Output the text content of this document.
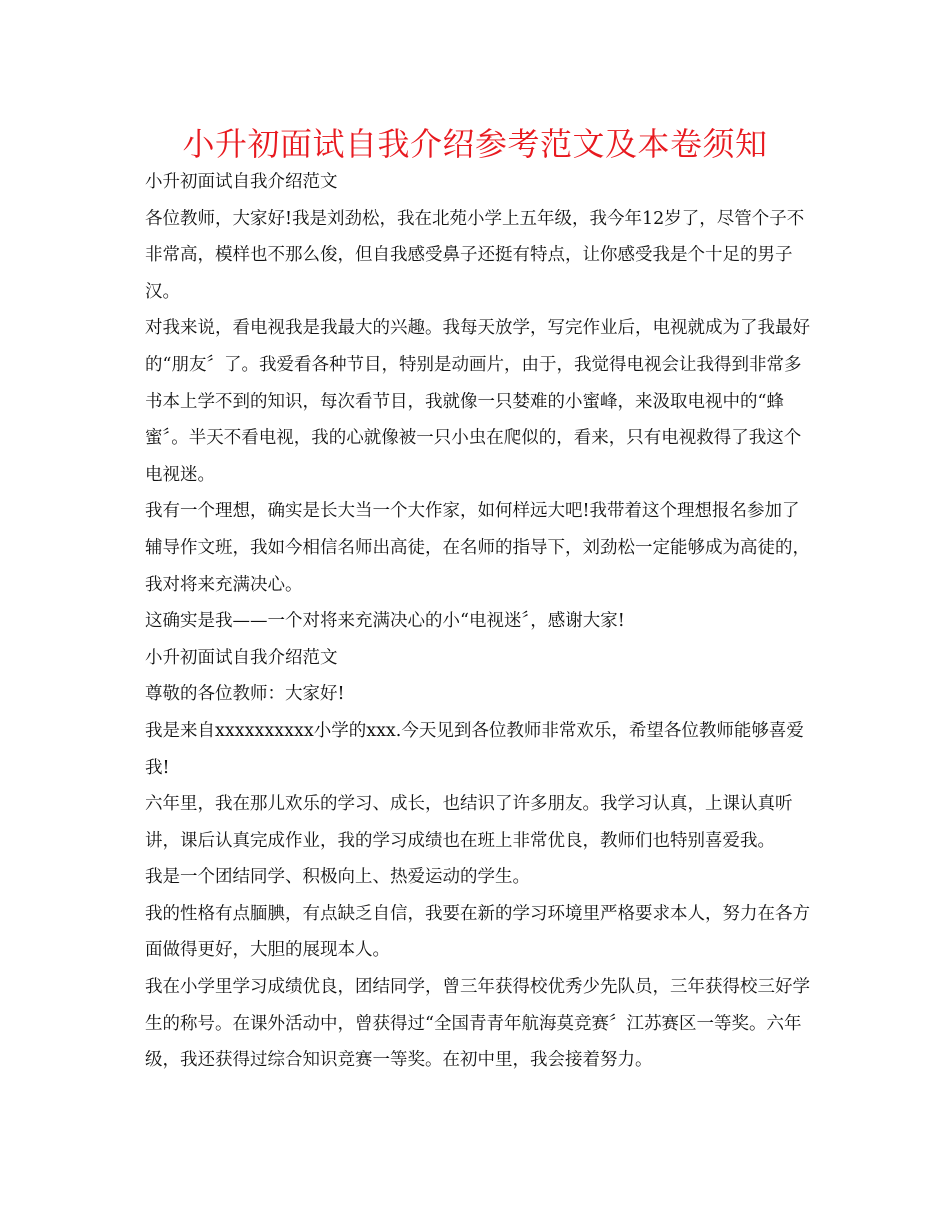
小升初面试自我介绍参考范文及本卷须知

小升初面试自我介绍范文

各位教师，大家好!我是刘劲松，我在北苑小学上五年级，我今年12岁了，尽管个子不非常高，模样也不那么俊，但自我感受鼻子还挺有特点，让你感受我是个十足的男子汉。

对我来说，看电视我是我最大的兴趣。我每天放学，写完作业后，电视就成为了我最好的“朋友〞了。我爱看各种节目，特别是动画片，由于，我觉得电视会让我得到非常多书本上学不到的知识，每次看节目，我就像一只婪难的小蜜峰，来汲取电视中的“蜂蜜〞。半天不看电视，我的心就像被一只小虫在爬似的，看来，只有电视救得了我这个电视迷。

我有一个理想，确实是长大当一个大作家，如何样远大吧!我带着这个理想报名参加了辅导作文班，我如今相信名师出高徒，在名师的指导下，刘劲松一定能够成为高徒的，我对将来充满决心。

这确实是我——一个对将来充满决心的小“电视迷〞，感谢大家!

小升初面试自我介绍范文

尊敬的各位教师：大家好!

我是来自xxxxxxxxxx小学的xxx.今天见到各位教师非常欢乐，希望各位教师能够喜爱我!

六年里，我在那儿欢乐的学习、成长，也结识了许多朋友。我学习认真，上课认真听讲，课后认真完成作业，我的学习成绩也在班上非常优良，教师们也特别喜爱我。

我是一个团结同学、积极向上、热爱运动的学生。

我的性格有点腼腆，有点缺乏自信，我要在新的学习环境里严格要求本人，努力在各方面做得更好，大胆的展现本人。

我在小学里学习成绩优良，团结同学，曾三年获得校优秀少先队员，三年获得校三好学生的称号。在课外活动中，曾获得过“全国青青年航海莫竞赛〞江苏赛区一等奖。六年级，我还获得过综合知识竞赛一等奖。在初中里，我会接着努力。
